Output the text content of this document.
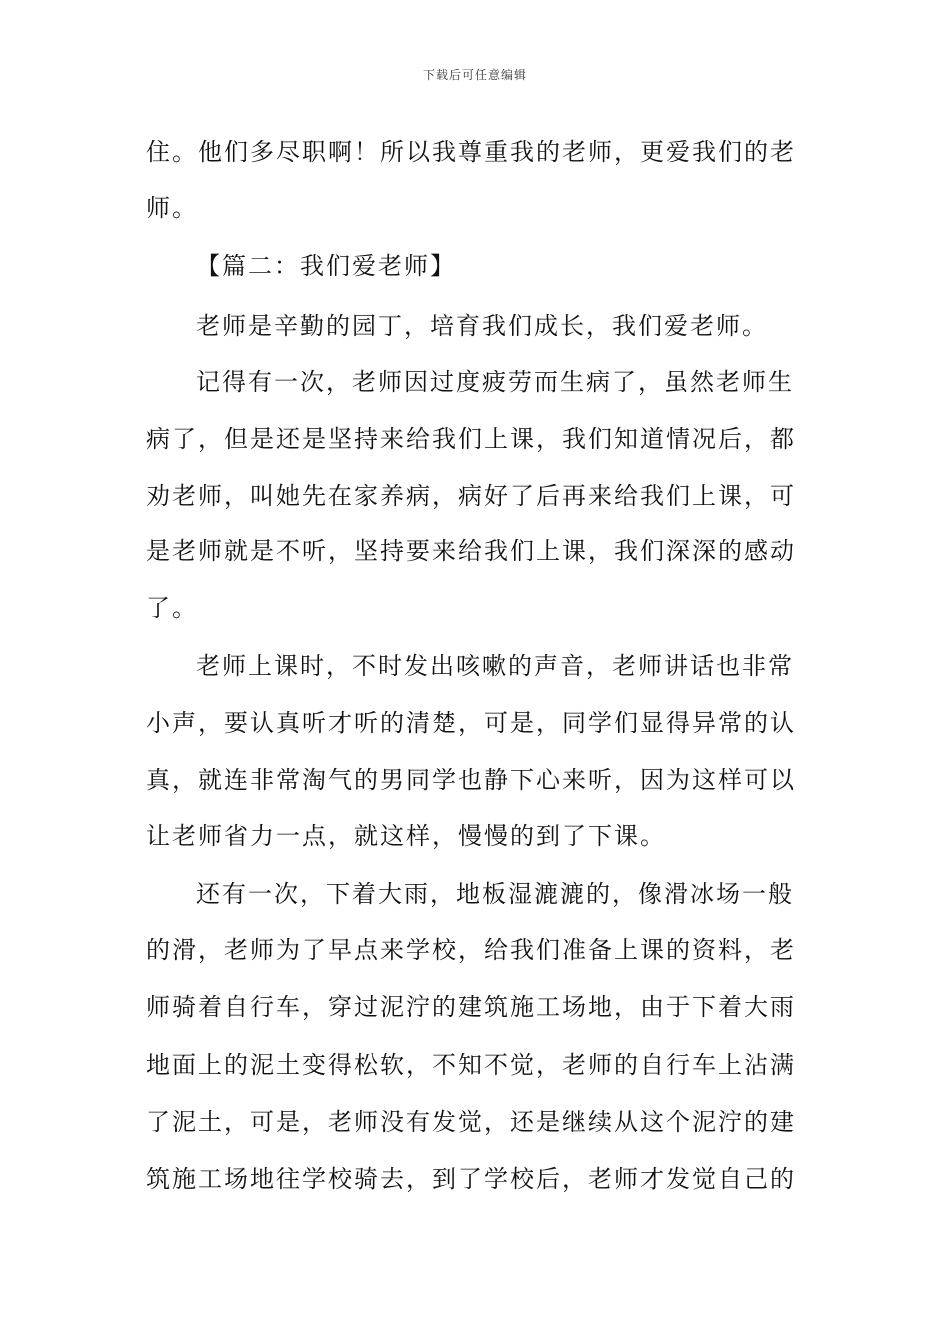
下载后可任意编辑
住。他们多尽职啊！所以我尊重我的老师，更爱我们的老
师。
【篇二：我们爱老师】
老师是辛勤的园丁，培育我们成长，我们爱老师。
记得有一次，老师因过度疲劳而生病了，虽然老师生
病了，但是还是坚持来给我们上课，我们知道情况后，都
劝老师，叫她先在家养病，病好了后再来给我们上课，可
是老师就是不听，坚持要来给我们上课，我们深深的感动
了。
老师上课时，不时发出咳嗽的声音，老师讲话也非常
小声，要认真听才听的清楚，可是，同学们显得异常的认
真，就连非常淘气的男同学也静下心来听，因为这样可以
让老师省力一点，就这样，慢慢的到了下课。
还有一次，下着大雨，地板湿漉漉的，像滑冰场一般
的滑，老师为了早点来学校，给我们准备上课的资料，老
师骑着自行车，穿过泥泞的建筑施工场地，由于下着大雨
地面上的泥土变得松软，不知不觉，老师的自行车上沾满
了泥土，可是，老师没有发觉，还是继续从这个泥泞的建
筑施工场地往学校骑去，到了学校后，老师才发觉自己的
